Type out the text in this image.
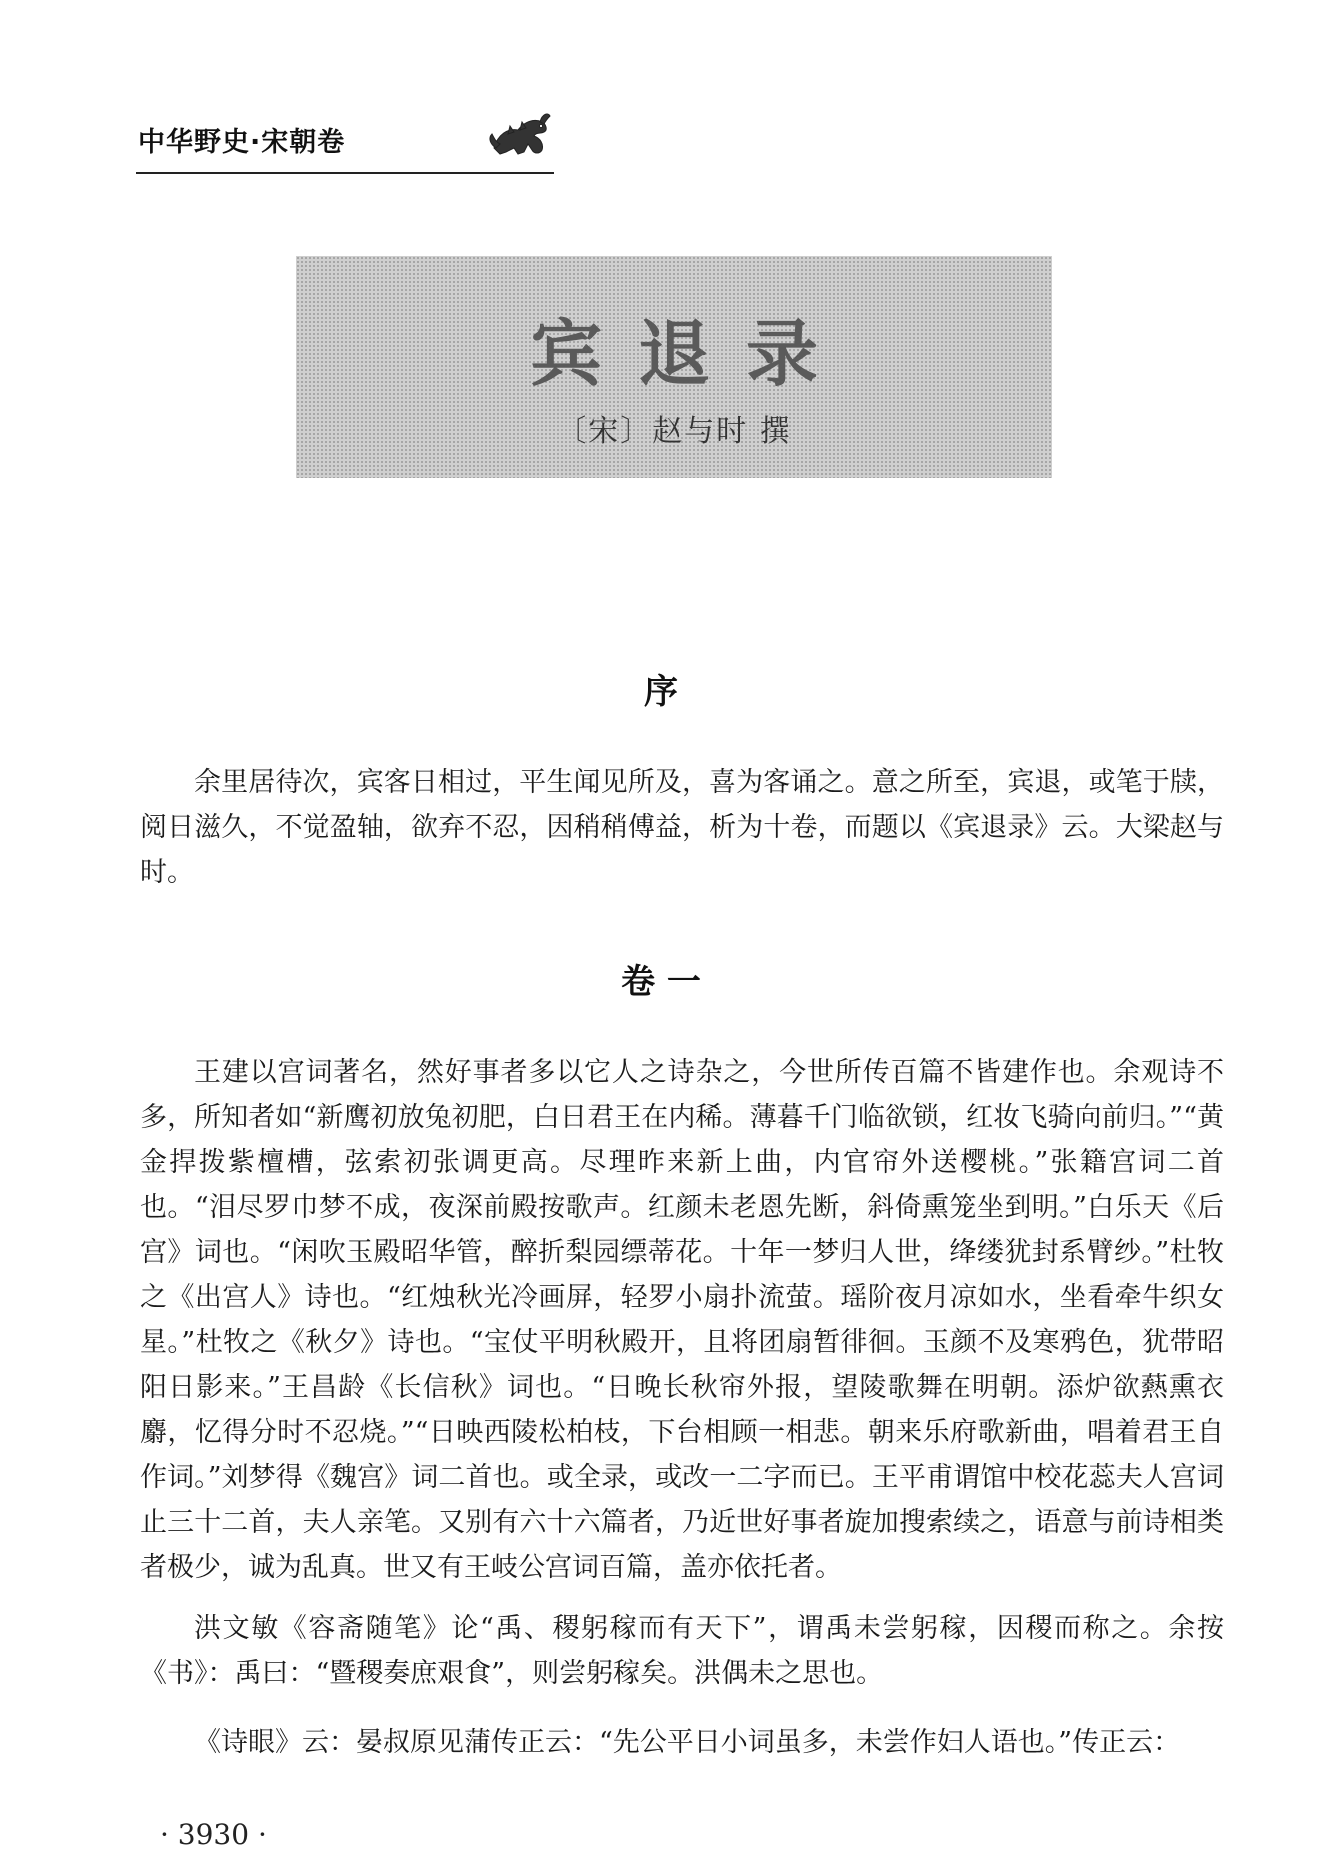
中华野史·宋朝卷
宾退录
〔宋〕赵与时 撰
序

余里居待次，宾客日相过，平生闻见所及，喜为客诵之。意之所至，宾退，或笔于牍，阅日滋久，不觉盈轴，欲弃不忍，因稍稍傅益，析为十卷，而题以《宾退录》云。大梁赵与时。

卷 一

王建以宫词著名，然好事者多以它人之诗杂之，今世所传百篇不皆建作也。余观诗不多，所知者如“新鹰初放兔初肥，白日君王在内稀。薄暮千门临欲锁，红妆飞骑向前归。”“黄金捍拨紫檀槽，弦索初张调更高。尽理昨来新上曲，内官帘外送樱桃。”张籍宫词二首也。“泪尽罗巾梦不成，夜深前殿按歌声。红颜未老恩先断，斜倚熏笼坐到明。”白乐天《后宫》词也。“闲吹玉殿昭华管，醉折梨园缥蒂花。十年一梦归人世，绛缕犹封系臂纱。”杜牧之《出宫人》诗也。“红烛秋光冷画屏，轻罗小扇扑流萤。瑶阶夜月凉如水，坐看牵牛织女星。”杜牧之《秋夕》诗也。“宝仗平明秋殿开，且将团扇暂徘徊。玉颜不及寒鸦色，犹带昭阳日影来。”王昌龄《长信秋》词也。“日晚长秋帘外报，望陵歌舞在明朝。添炉欲爇熏衣麝，忆得分时不忍烧。”“日映西陵松柏枝，下台相顾一相悲。朝来乐府歌新曲，唱着君王自作词。”刘梦得《魏宫》词二首也。或全录，或改一二字而已。王平甫谓馆中校花蕊夫人宫词止三十二首，夫人亲笔。又别有六十六篇者，乃近世好事者旋加搜索续之，语意与前诗相类者极少，诚为乱真。世又有王岐公宫词百篇，盖亦依托者。

洪文敏《容斋随笔》论“禹、稷躬稼而有天下”，谓禹未尝躬稼，因稷而称之。余按《书》：禹曰：“暨稷奏庶艰食”，则尝躬稼矣。洪偶未之思也。

《诗眼》云：晏叔原见蒲传正云：“先公平日小词虽多，未尝作妇人语也。”传正云：

· 3930 ·
